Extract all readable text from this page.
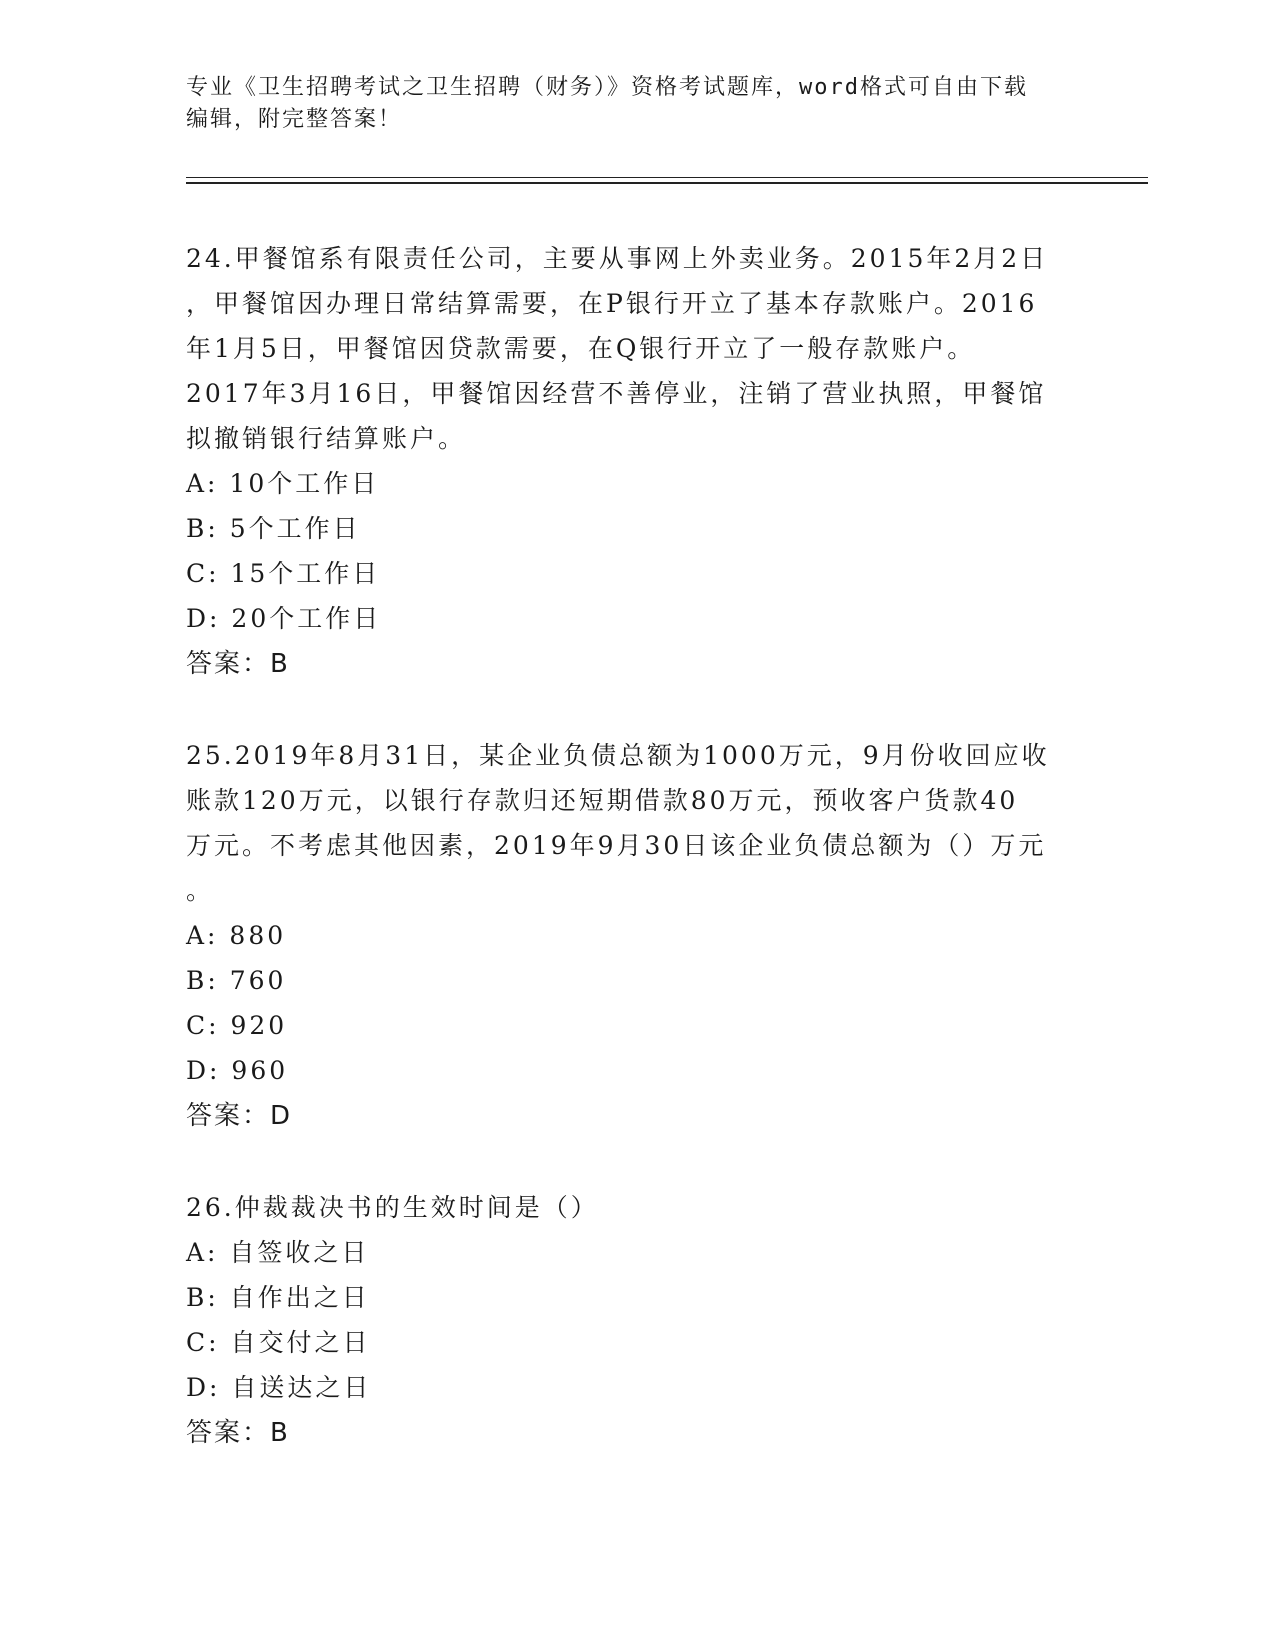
专业《卫生招聘考试之卫生招聘（财务）》资格考试题库，word格式可自由下载
编辑，附完整答案！
24.甲餐馆系有限责任公司，主要从事网上外卖业务。2015年2月2日
，甲餐馆因办理日常结算需要，在P银行开立了基本存款账户。2016
年1月5日，甲餐馆因贷款需要，在Q银行开立了一般存款账户。
2017年3月16日，甲餐馆因经营不善停业，注销了营业执照，甲餐馆
拟撤销银行结算账户。
A: 10个工作日
B: 5个工作日
C: 15个工作日
D: 20个工作日
答案：B
25.2019年8月31日，某企业负债总额为1000万元，9月份收回应收
账款120万元，以银行存款归还短期借款80万元，预收客户货款40
万元。不考虑其他因素，2019年9月30日该企业负债总额为（）万元
。
A: 880
B: 760
C: 920
D: 960
答案：D
26.仲裁裁决书的生效时间是（）
A: 自签收之日
B: 自作出之日
C: 自交付之日
D: 自送达之日
答案：B
